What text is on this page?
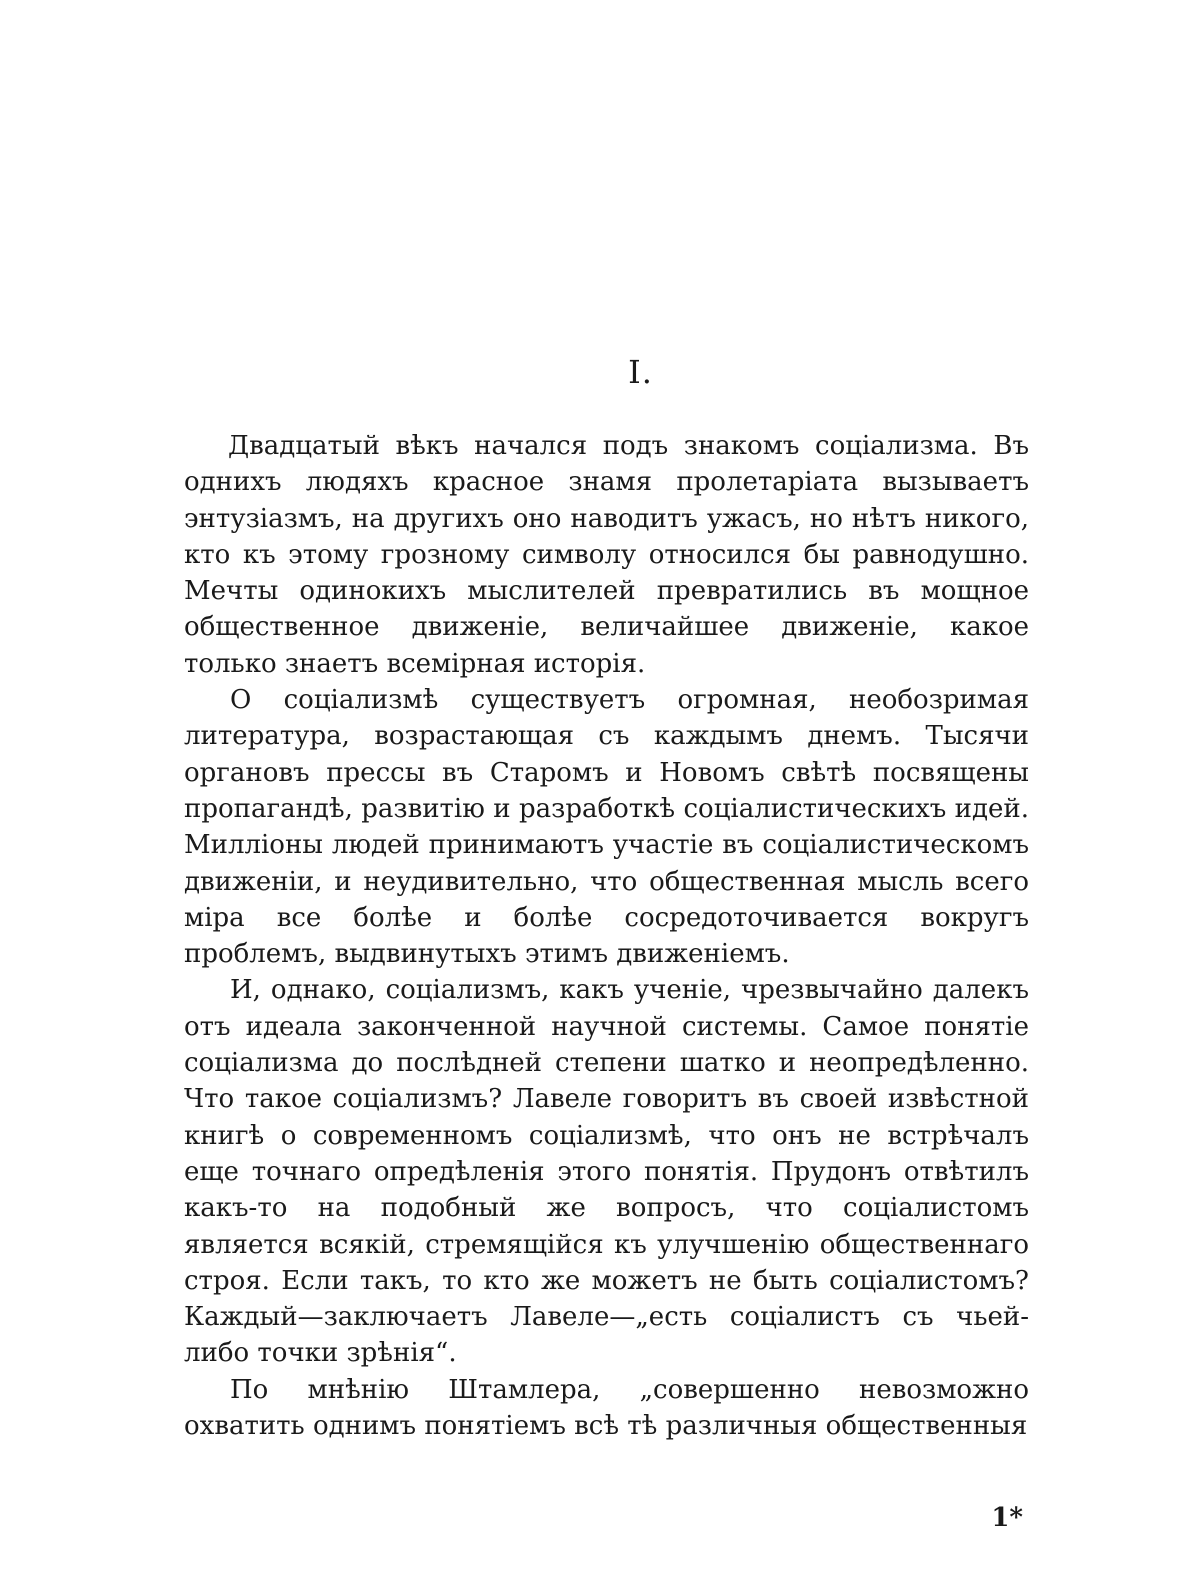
I.

Двадцатый вѣкъ начался подъ знакомъ соціализма. Въ однихъ людяхъ красное знамя пролетаріата вызываетъ энтузіазмъ, на другихъ оно наводитъ ужасъ, но нѣтъ никого, кто къ этому грозному символу относился бы равнодушно. Мечты одинокихъ мыслителей превратились въ мощное общественное движеніе, величайшее движеніе, какое только знаетъ всемірная исторія.

О соціализмѣ существуетъ огромная, необозримая литература, возрастающая съ каждымъ днемъ. Тысячи органовъ прессы въ Старомъ и Новомъ свѣтѣ посвящены пропагандѣ, развитію и разработкѣ соціалистическихъ идей. Милліоны людей принимаютъ участіе въ соціалистическомъ движеніи, и неудивительно, что общественная мысль всего міра все болѣе и болѣе сосредоточивается вокругъ проблемъ, выдвинутыхъ этимъ движеніемъ.

И, однако, соціализмъ, какъ ученіе, чрезвычайно далекъ отъ идеала законченной научной системы. Самое понятіе соціализма до послѣдней степени шатко и неопредѣленно. Что такое соціализмъ? Лавеле говоритъ въ своей извѣстной книгѣ о современномъ соціализмѣ, что онъ не встрѣчалъ еще точнаго опредѣленія этого понятія. Прудонъ отвѣтилъ какъ-то на подобный же вопросъ, что соціалистомъ является всякій, стремящійся къ улучшенію общественнаго строя. Если такъ, то кто же можетъ не быть соціалистомъ? Каждый—заключаетъ Лавеле—„есть соціалистъ съ чьей-либо точки зрѣнія“.

По мнѣнію Штамлера, „совершенно невозможно охватить однимъ понятіемъ всѣ тѣ различныя общественныя

1*
